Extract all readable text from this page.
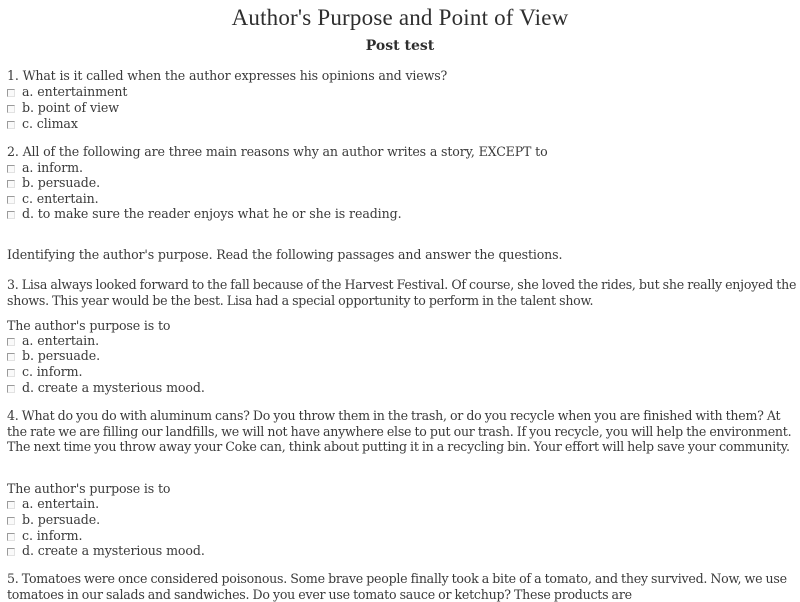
Author's Purpose and Point of View
Post test
1. What is it called when the author expresses his opinions and views?
a. entertainment
b. point of view
c. climax
2. All of the following are three main reasons why an author writes a story, EXCEPT to
a. inform.
b. persuade.
c. entertain.
d. to make sure the reader enjoys what he or she is reading.
Identifying the author's purpose. Read the following passages and answer the questions.
3. Lisa always looked forward to the fall because of the Harvest Festival. Of course, she loved the rides, but she really enjoyed the shows. This year would be the best. Lisa had a special opportunity to perform in the talent show.
The author's purpose is to
a. entertain.
b. persuade.
c. inform.
d. create a mysterious mood.
4. What do you do with aluminum cans? Do you throw them in the trash, or do you recycle when you are finished with them? At the rate we are filling our landfills, we will not have anywhere else to put our trash. If you recycle, you will help the environment. The next time you throw away your Coke can, think about putting it in a recycling bin. Your effort will help save your community.
The author's purpose is to
a. entertain.
b. persuade.
c. inform.
d. create a mysterious mood.
5. Tomatoes were once considered poisonous. Some brave people finally took a bite of a tomato, and they survived. Now, we use tomatoes in our salads and sandwiches. Do you ever use tomato sauce or ketchup? These products are
